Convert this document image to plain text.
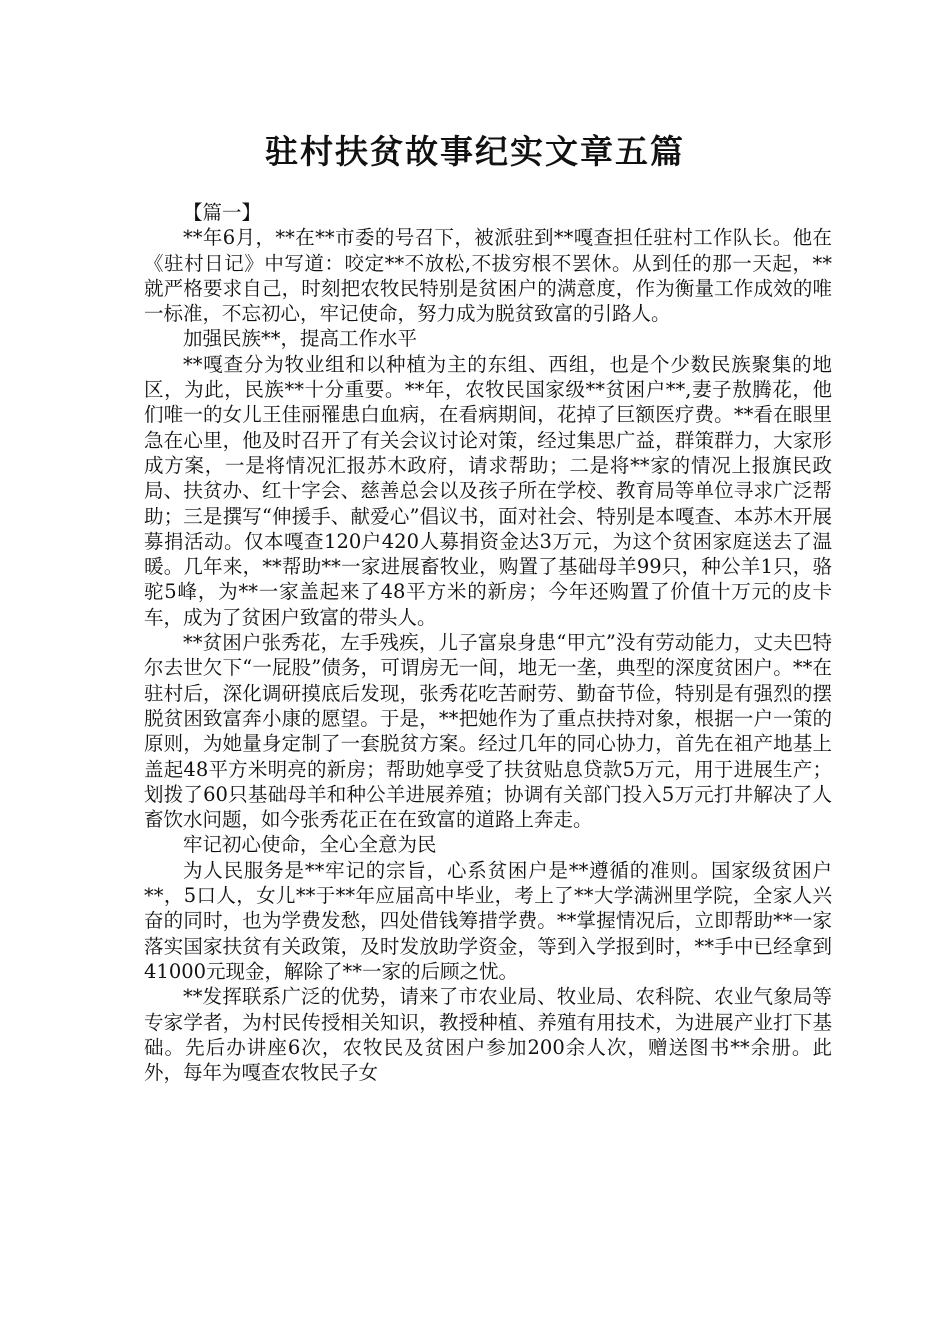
驻村扶贫故事纪实文章五篇

【篇一】

**年6月，**在**市委的号召下，被派驻到**嘎查担任驻村工作队长。他在《驻村日记》中写道：咬定**不放松,不拔穷根不罢休。从到任的那一天起，**就严格要求自己，时刻把农牧民特别是贫困户的满意度，作为衡量工作成效的唯一标准，不忘初心，牢记使命，努力成为脱贫致富的引路人。

加强民族**，提高工作水平

**嘎查分为牧业组和以种植为主的东组、西组，也是个少数民族聚集的地区，为此，民族**十分重要。**年，农牧民国家级**贫困户**,妻子敖腾花，他们唯一的女儿王佳丽罹患白血病，在看病期间，花掉了巨额医疗费。**看在眼里急在心里，他及时召开了有关会议讨论对策，经过集思广益，群策群力，大家形成方案，一是将情况汇报苏木政府，请求帮助；二是将**家的情况上报旗民政局、扶贫办、红十字会、慈善总会以及孩子所在学校、教育局等单位寻求广泛帮助；三是撰写“伸援手、献爱心”倡议书，面对社会、特别是本嘎查、本苏木开展募捐活动。仅本嘎查120户420人募捐资金达3万元，为这个贫困家庭送去了温暖。几年来，**帮助**一家进展畜牧业，购置了基础母羊99只，种公羊1只，骆驼5峰，为**一家盖起来了48平方米的新房；今年还购置了价值十万元的皮卡车，成为了贫困户致富的带头人。

**贫困户张秀花，左手残疾，儿子富泉身患“甲亢”没有劳动能力，丈夫巴特尔去世欠下“一屁股”债务，可谓房无一间，地无一垄，典型的深度贫困户。**在驻村后，深化调研摸底后发现，张秀花吃苦耐劳、勤奋节俭，特别是有强烈的摆脱贫困致富奔小康的愿望。于是，**把她作为了重点扶持对象，根据一户一策的原则，为她量身定制了一套脱贫方案。经过几年的同心协力，首先在祖产地基上盖起48平方米明亮的新房；帮助她享受了扶贫贴息贷款5万元，用于进展生产；划拨了60只基础母羊和种公羊进展养殖；协调有关部门投入5万元打井解决了人畜饮水问题，如今张秀花正在在致富的道路上奔走。

牢记初心使命，全心全意为民

为人民服务是**牢记的宗旨，心系贫困户是**遵循的准则。国家级贫困户**，5口人，女儿**于**年应届高中毕业，考上了**大学满洲里学院，全家人兴奋的同时，也为学费发愁，四处借钱筹措学费。**掌握情况后，立即帮助**一家落实国家扶贫有关政策，及时发放助学资金，等到入学报到时，**手中已经拿到41000元现金，解除了**一家的后顾之忧。

**发挥联系广泛的优势，请来了市农业局、牧业局、农科院、农业气象局等专家学者，为村民传授相关知识，教授种植、养殖有用技术，为进展产业打下基础。先后办讲座6次，农牧民及贫困户参加200余人次，赠送图书**余册。此外，每年为嘎查农牧民子女
